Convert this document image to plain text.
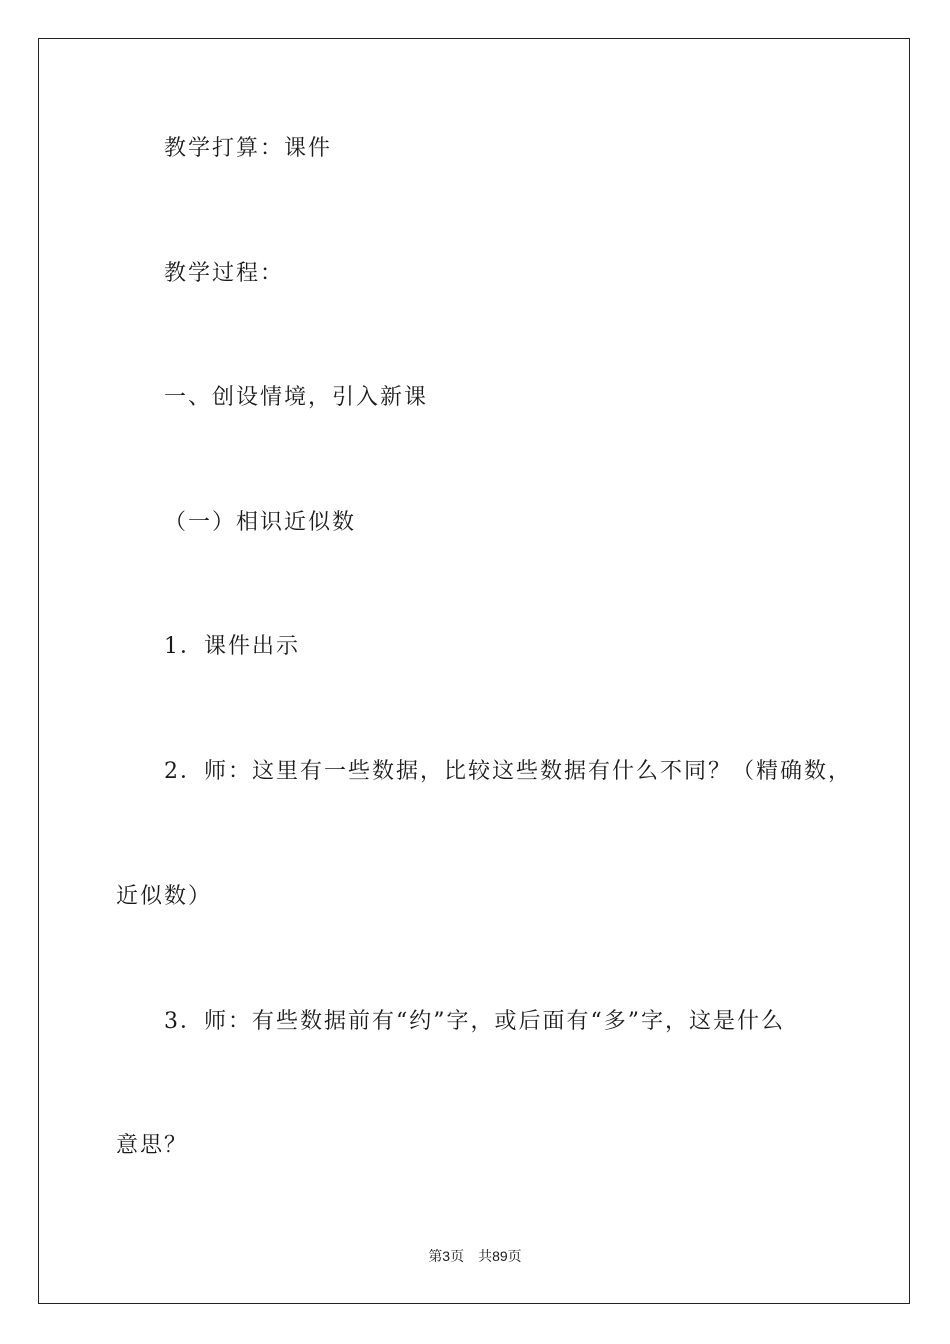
教学打算：课件

教学过程：

一、创设情境，引入新课

（一）相识近似数

1．课件出示

2．师：这里有一些数据，比较这些数据有什么不同？（精确数，

近似数）

3．师：有些数据前有“约”字，或后面有“多”字，这是什么

意思？

第3页 共89页
